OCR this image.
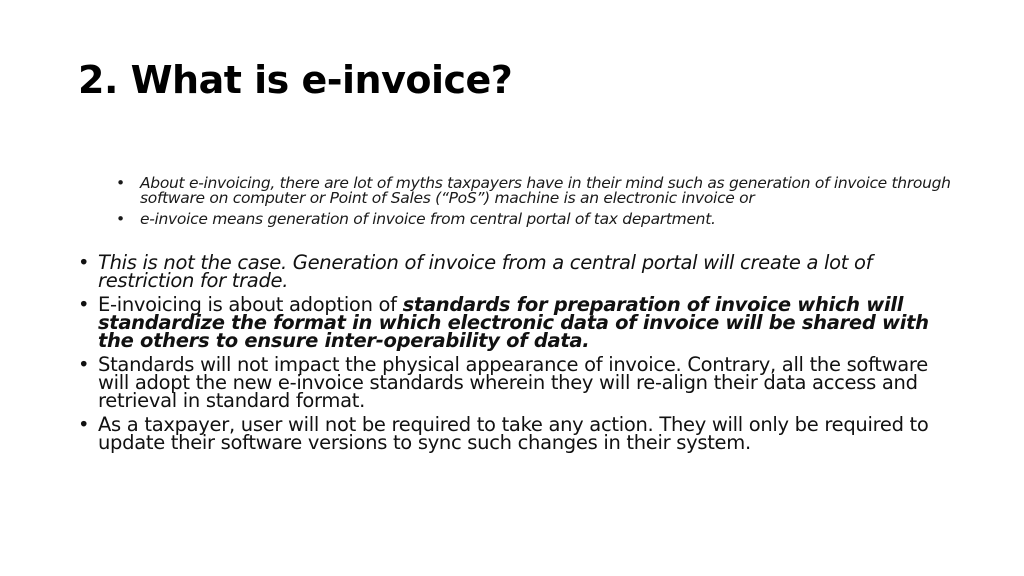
2. What is e-invoice?
• About e-invoicing, there are lot of myths taxpayers have in their mind such as generation of invoice through software on computer or Point of Sales (“PoS”) machine is an electronic invoice or
• e-invoice means generation of invoice from central portal of tax department.
• This is not the case. Generation of invoice from a central portal will create a lot of restriction for trade.
• E-invoicing is about adoption of standards for preparation of invoice which will standardize the format in which electronic data of invoice will be shared with the others to ensure inter-operability of data.
• Standards will not impact the physical appearance of invoice. Contrary, all the software will adopt the new e-invoice standards wherein they will re-align their data access and retrieval in standard format.
• As a taxpayer, user will not be required to take any action. They will only be required to update their software versions to sync such changes in their system.
